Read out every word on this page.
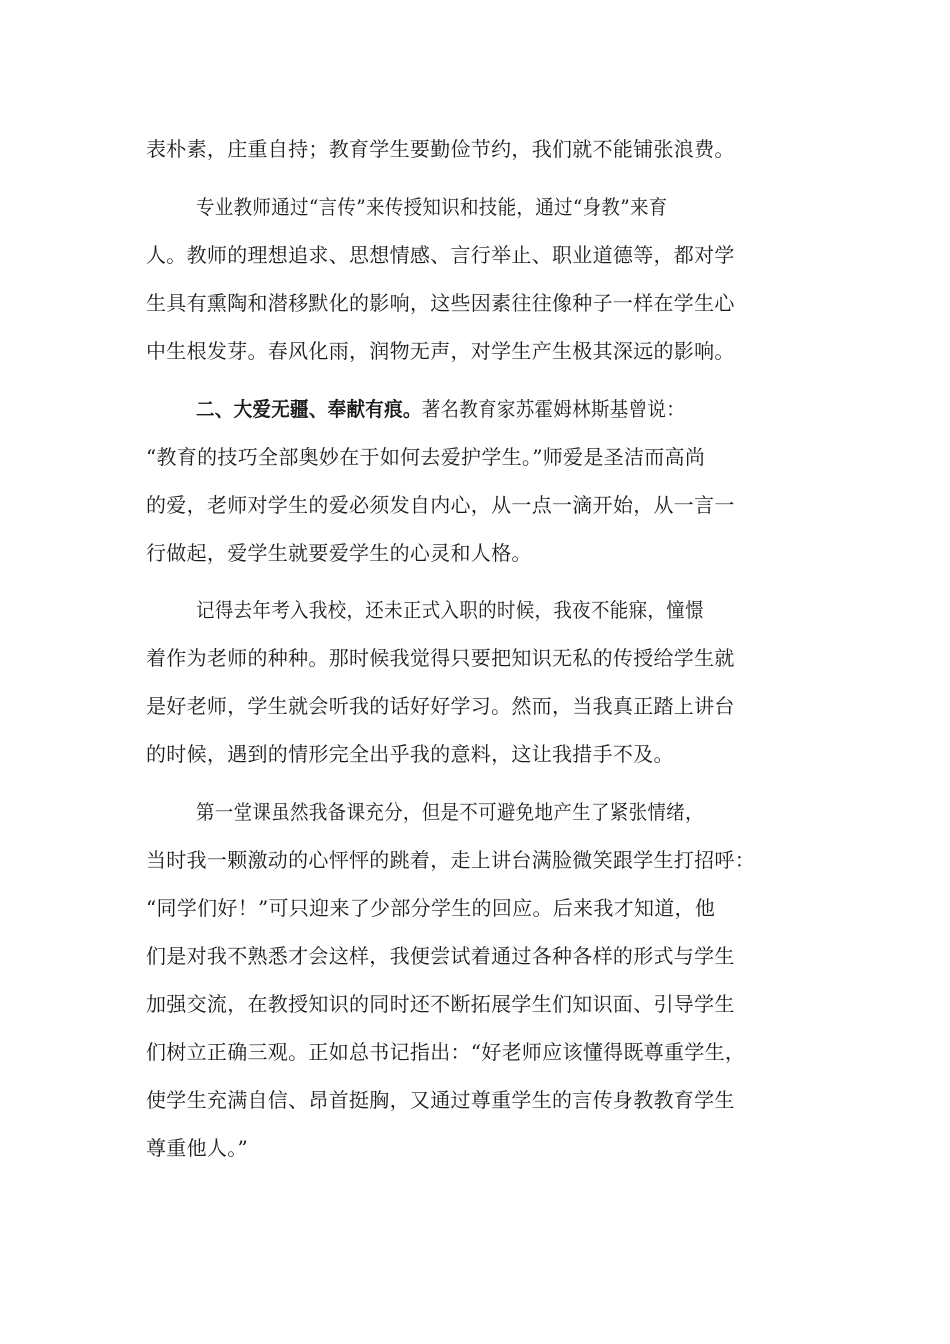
表朴素，庄重自持；教育学生要勤俭节约，我们就不能铺张浪费。
专业教师通过“言传”来传授知识和技能，通过“身教”来育
人。教师的理想追求、思想情感、言行举止、职业道德等，都对学
生具有熏陶和潜移默化的影响，这些因素往往像种子一样在学生心
中生根发芽。春风化雨，润物无声，对学生产生极其深远的影响。
二、大爱无疆、奉献有痕。著名教育家苏霍姆林斯基曾说：
“教育的技巧全部奥妙在于如何去爱护学生。”师爱是圣洁而高尚
的爱，老师对学生的爱必须发自内心，从一点一滴开始，从一言一
行做起，爱学生就要爱学生的心灵和人格。
记得去年考入我校，还未正式入职的时候，我夜不能寐，憧憬
着作为老师的种种。那时候我觉得只要把知识无私的传授给学生就
是好老师，学生就会听我的话好好学习。然而，当我真正踏上讲台
的时候，遇到的情形完全出乎我的意料，这让我措手不及。
第一堂课虽然我备课充分，但是不可避免地产生了紧张情绪，
当时我一颗激动的心怦怦的跳着，走上讲台满脸微笑跟学生打招呼：
“同学们好！”可只迎来了少部分学生的回应。后来我才知道，他
们是对我不熟悉才会这样，我便尝试着通过各种各样的形式与学生
加强交流，在教授知识的同时还不断拓展学生们知识面、引导学生
们树立正确三观。正如总书记指出：“好老师应该懂得既尊重学生，
使学生充满自信、昂首挺胸，又通过尊重学生的言传身教教育学生
尊重他人。”
